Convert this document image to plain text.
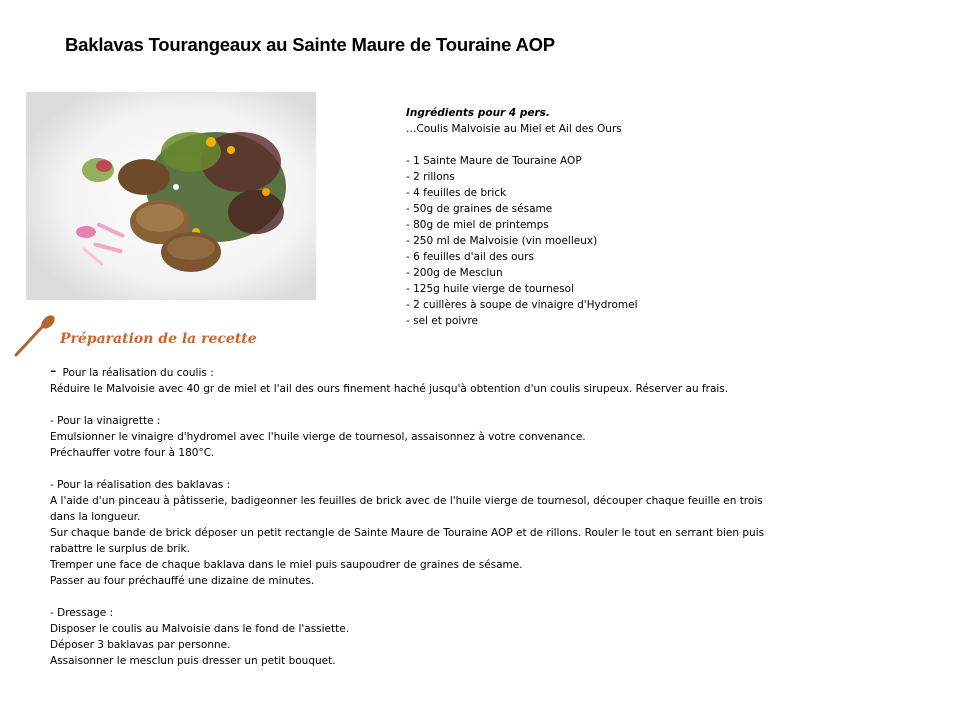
Baklavas Tourangeaux au Sainte Maure de Touraine AOP
Ingrédients pour 4 pers.
…Coulis Malvoisie au Miel et Ail des Ours
- 1 Sainte Maure de Touraine AOP
- 2 rillons
- 4 feuilles de brick
- 50g de graines de sésame
- 80g de miel de printemps
- 250 ml de Malvoisie (vin moelleux)
- 6 feuilles d'ail des ours
- 200g de Mesclun
- 125g huile vierge de tournesol
- 2 cuillères à soupe de vinaigre d'Hydromel
- sel et poivre
Préparation de la recette
- Pour la réalisation du coulis :
Réduire le Malvoisie avec 40 gr de miel et l'ail des ours finement haché jusqu'à obtention d'un coulis sirupeux. Réserver au frais.
- Pour la vinaigrette :
Emulsionner le vinaigre d'hydromel avec l'huile vierge de tournesol, assaisonnez à votre convenance.
Préchauffer votre four à 180°C.
- Pour la réalisation des baklavas :
A l'aide d'un pinceau à pâtisserie, badigeonner les feuilles de brick avec de l'huile vierge de tournesol, découper chaque feuille en trois
dans la longueur.
Sur chaque bande de brick déposer un petit rectangle de Sainte Maure de Touraine AOP et de rillons. Rouler le tout en serrant bien puis
rabattre le surplus de brik.
Tremper une face de chaque baklava dans le miel puis saupoudrer de graines de sésame.
Passer au four préchauffé une dizaine de minutes.
- Dressage :
Disposer le coulis au Malvoisie dans le fond de l'assiette.
Déposer 3 baklavas par personne.
Assaisonner le mesclun puis dresser un petit bouquet.
